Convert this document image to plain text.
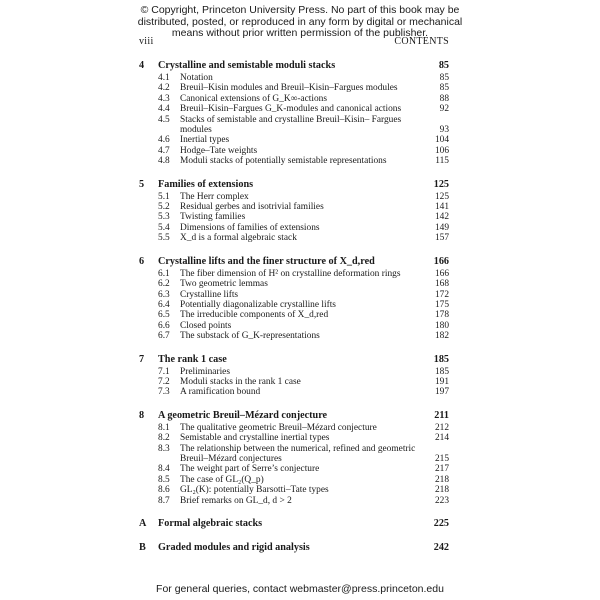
© Copyright, Princeton University Press. No part of this book may be
distributed, posted, or reproduced in any form by digital or mechanical
means without prior written permission of the publisher.
viii	CONTENTS
4	Crystalline and semistable moduli stacks	85
4.1	Notation	85
4.2	Breuil–Kisin modules and Breuil–Kisin–Fargues modules	85
4.3	Canonical extensions of G_K∞-actions	88
4.4	Breuil–Kisin–Fargues G_K-modules and canonical actions	92
4.5	Stacks of semistable and crystalline Breuil–Kisin– Fargues modules	93
4.6	Inertial types	104
4.7	Hodge–Tate weights	106
4.8	Moduli stacks of potentially semistable representations	115
5	Families of extensions	125
5.1	The Herr complex	125
5.2	Residual gerbes and isotrivial families	141
5.3	Twisting families	142
5.4	Dimensions of families of extensions	149
5.5	X_d is a formal algebraic stack	157
6	Crystalline lifts and the finer structure of X_d,red	166
6.1	The fiber dimension of H² on crystalline deformation rings	166
6.2	Two geometric lemmas	168
6.3	Crystalline lifts	172
6.4	Potentially diagonalizable crystalline lifts	175
6.5	The irreducible components of X_d,red	178
6.6	Closed points	180
6.7	The substack of G_K-representations	182
7	The rank 1 case	185
7.1	Preliminaries	185
7.2	Moduli stacks in the rank 1 case	191
7.3	A ramification bound	197
8	A geometric Breuil–Mézard conjecture	211
8.1	The qualitative geometric Breuil–Mézard conjecture	212
8.2	Semistable and crystalline inertial types	214
8.3	The relationship between the numerical, refined and geometric Breuil–Mézard conjectures	215
8.4	The weight part of Serre’s conjecture	217
8.5	The case of GL₂(Q_p)	218
8.6	GL₂(K): potentially Barsotti–Tate types	218
8.7	Brief remarks on GL_d, d > 2	223
A	Formal algebraic stacks	225
B	Graded modules and rigid analysis	242
For general queries, contact webmaster@press.princeton.edu
